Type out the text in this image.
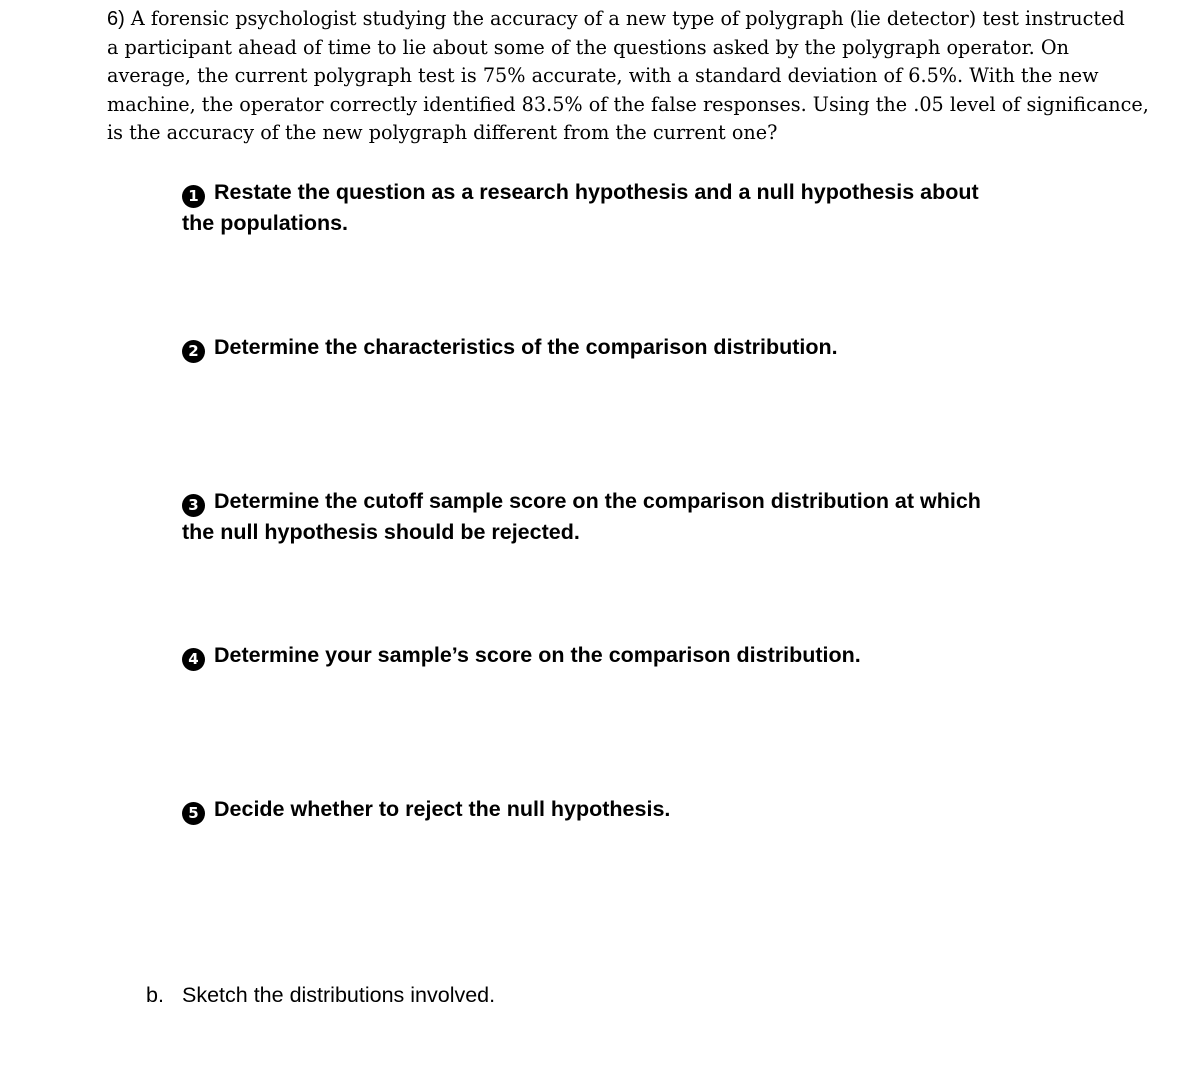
6) A forensic psychologist studying the accuracy of a new type of polygraph (lie detector) test instructed
a participant ahead of time to lie about some of the questions asked by the polygraph operator. On
average, the current polygraph test is 75% accurate, with a standard deviation of 6.5%. With the new
machine, the operator correctly identified 83.5% of the false responses. Using the .05 level of significance,
is the accuracy of the new polygraph different from the current one?
1 Restate the question as a research hypothesis and a null hypothesis about
the populations.
2 Determine the characteristics of the comparison distribution.
3 Determine the cutoff sample score on the comparison distribution at which
the null hypothesis should be rejected.
4 Determine your sample’s score on the comparison distribution.
5 Decide whether to reject the null hypothesis.
b. Sketch the distributions involved.
